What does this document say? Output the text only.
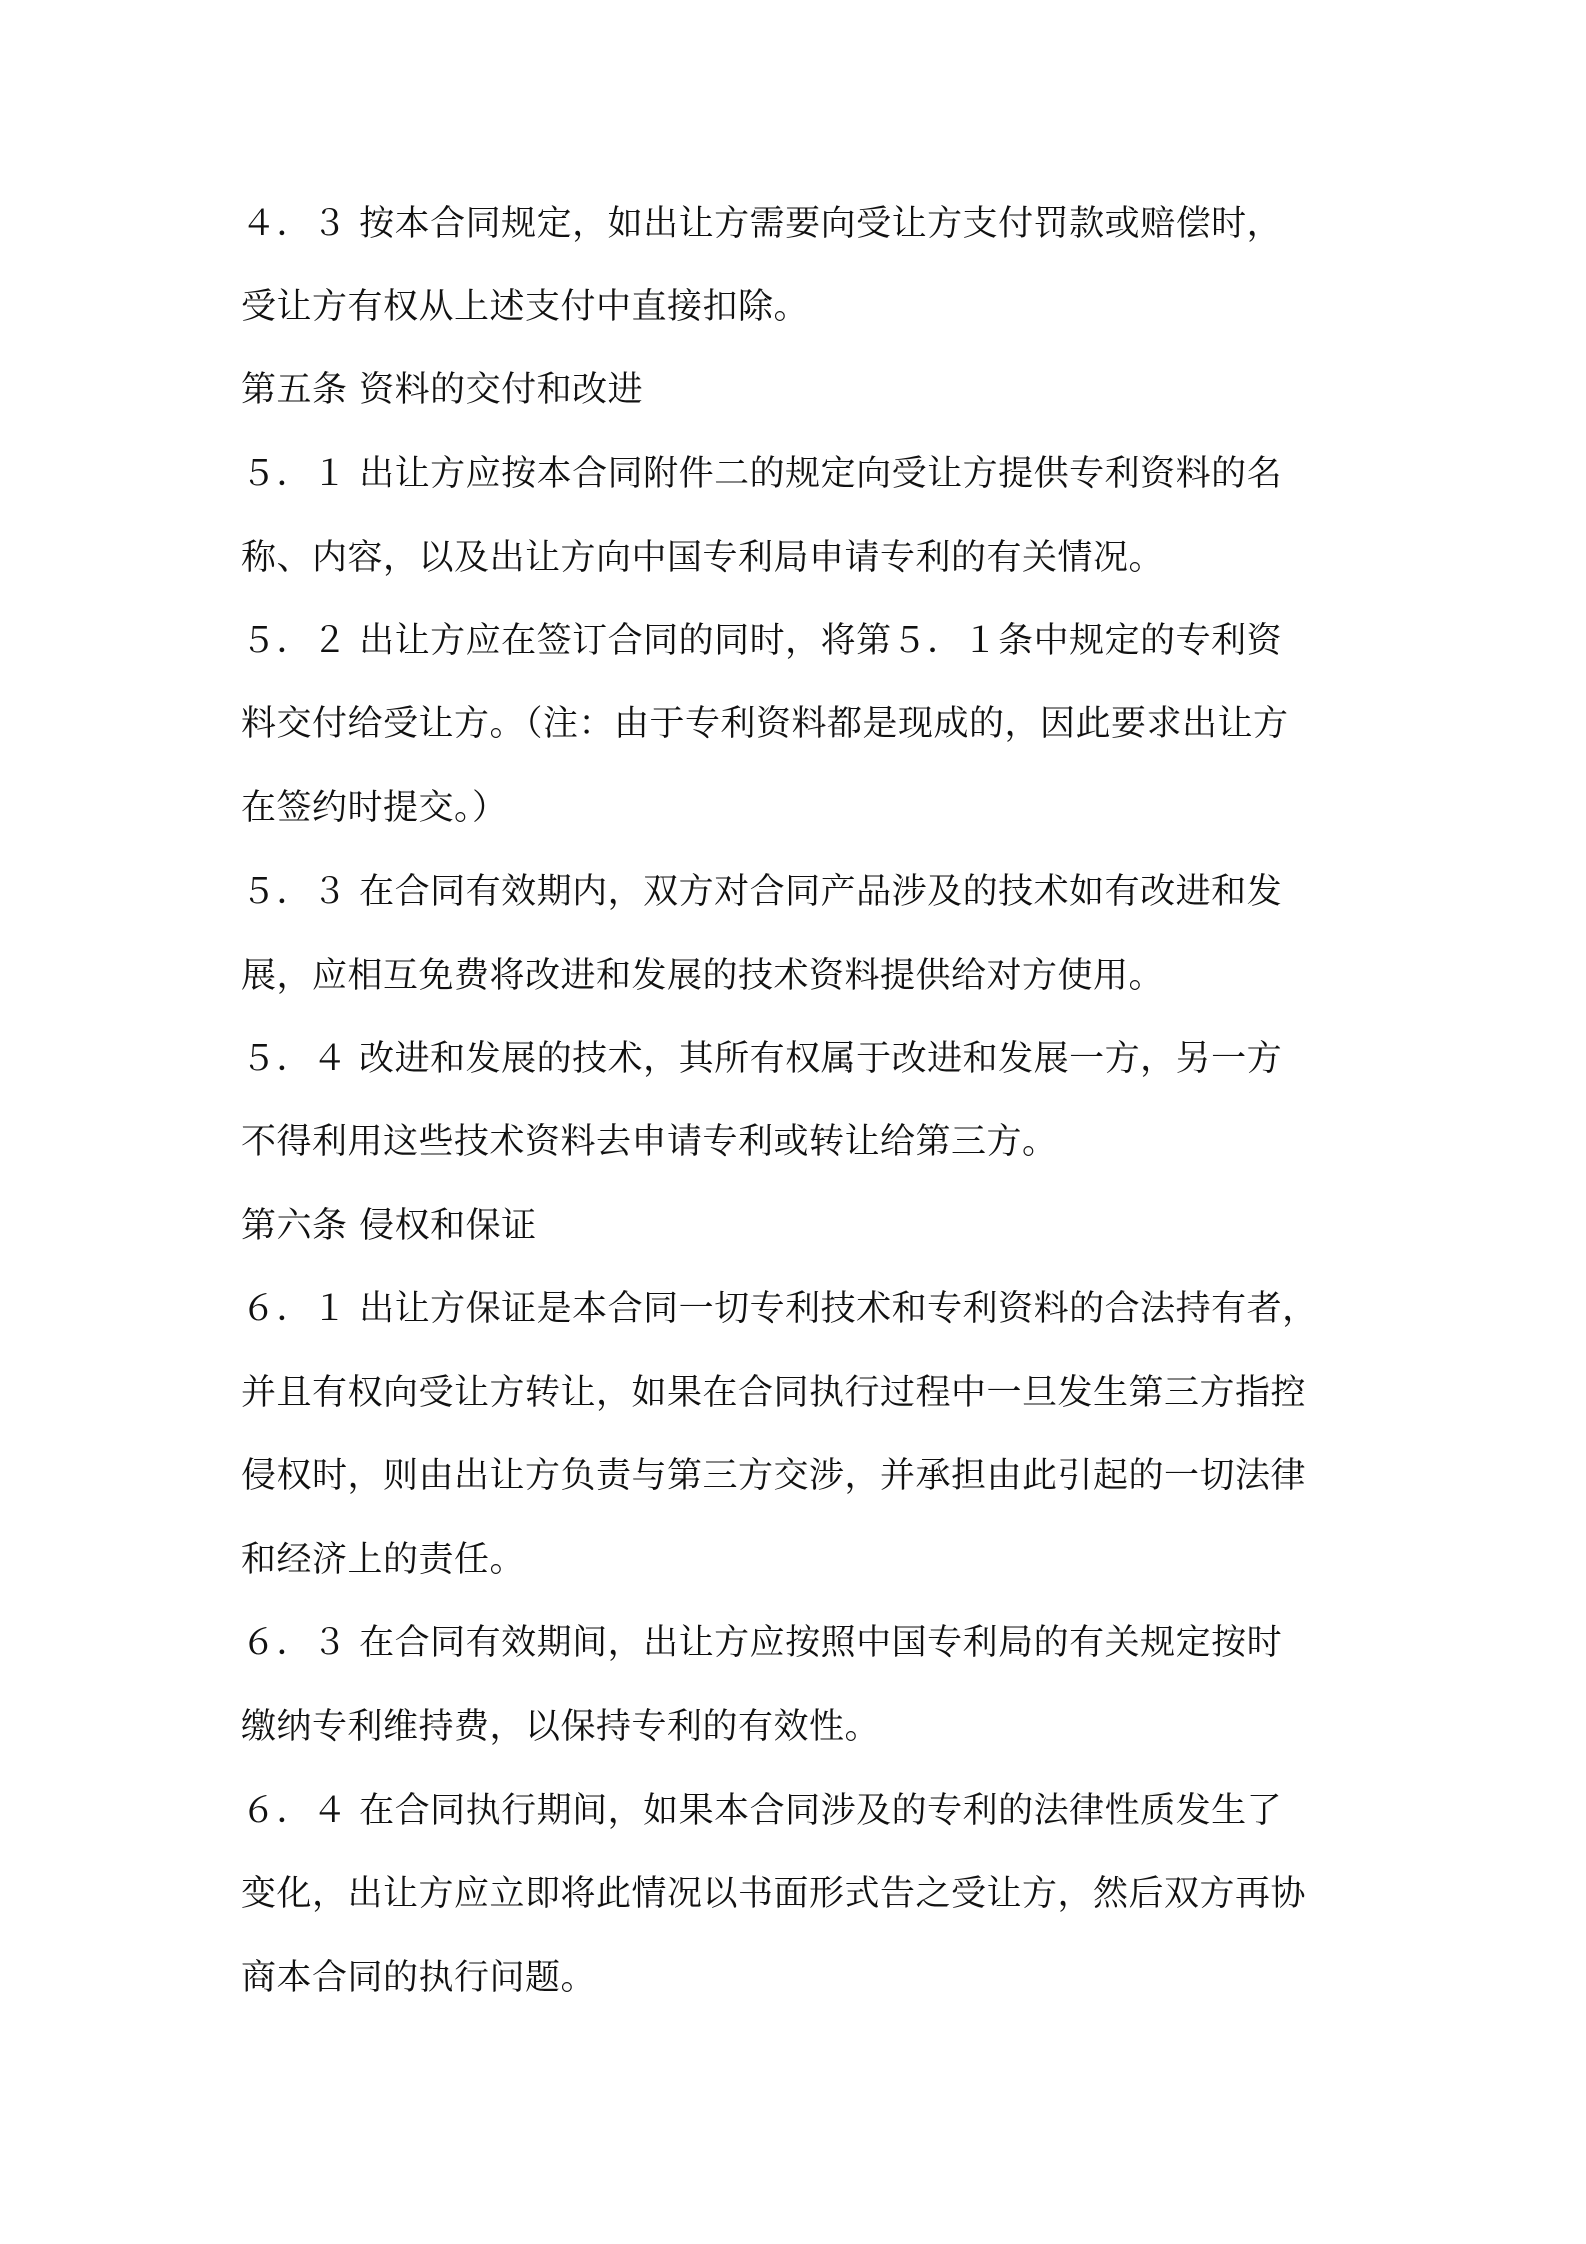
４．３ 按本合同规定，如出让方需要向受让方支付罚款或赔偿时，
受让方有权从上述支付中直接扣除。
第五条 资料的交付和改进
５．１ 出让方应按本合同附件二的规定向受让方提供专利资料的名
称、内容，以及出让方向中国专利局申请专利的有关情况。
５．２ 出让方应在签订合同的同时，将第５．１条中规定的专利资
料交付给受让方。（注：由于专利资料都是现成的，因此要求出让方
在签约时提交。）
５．３ 在合同有效期内，双方对合同产品涉及的技术如有改进和发
展，应相互免费将改进和发展的技术资料提供给对方使用。
５．４ 改进和发展的技术，其所有权属于改进和发展一方，另一方
不得利用这些技术资料去申请专利或转让给第三方。
第六条 侵权和保证
６．１ 出让方保证是本合同一切专利技术和专利资料的合法持有者，
并且有权向受让方转让，如果在合同执行过程中一旦发生第三方指控
侵权时，则由出让方负责与第三方交涉，并承担由此引起的一切法律
和经济上的责任。
６．３ 在合同有效期间，出让方应按照中国专利局的有关规定按时
缴纳专利维持费，以保持专利的有效性。
６．４ 在合同执行期间，如果本合同涉及的专利的法律性质发生了
变化，出让方应立即将此情况以书面形式告之受让方，然后双方再协
商本合同的执行问题。
